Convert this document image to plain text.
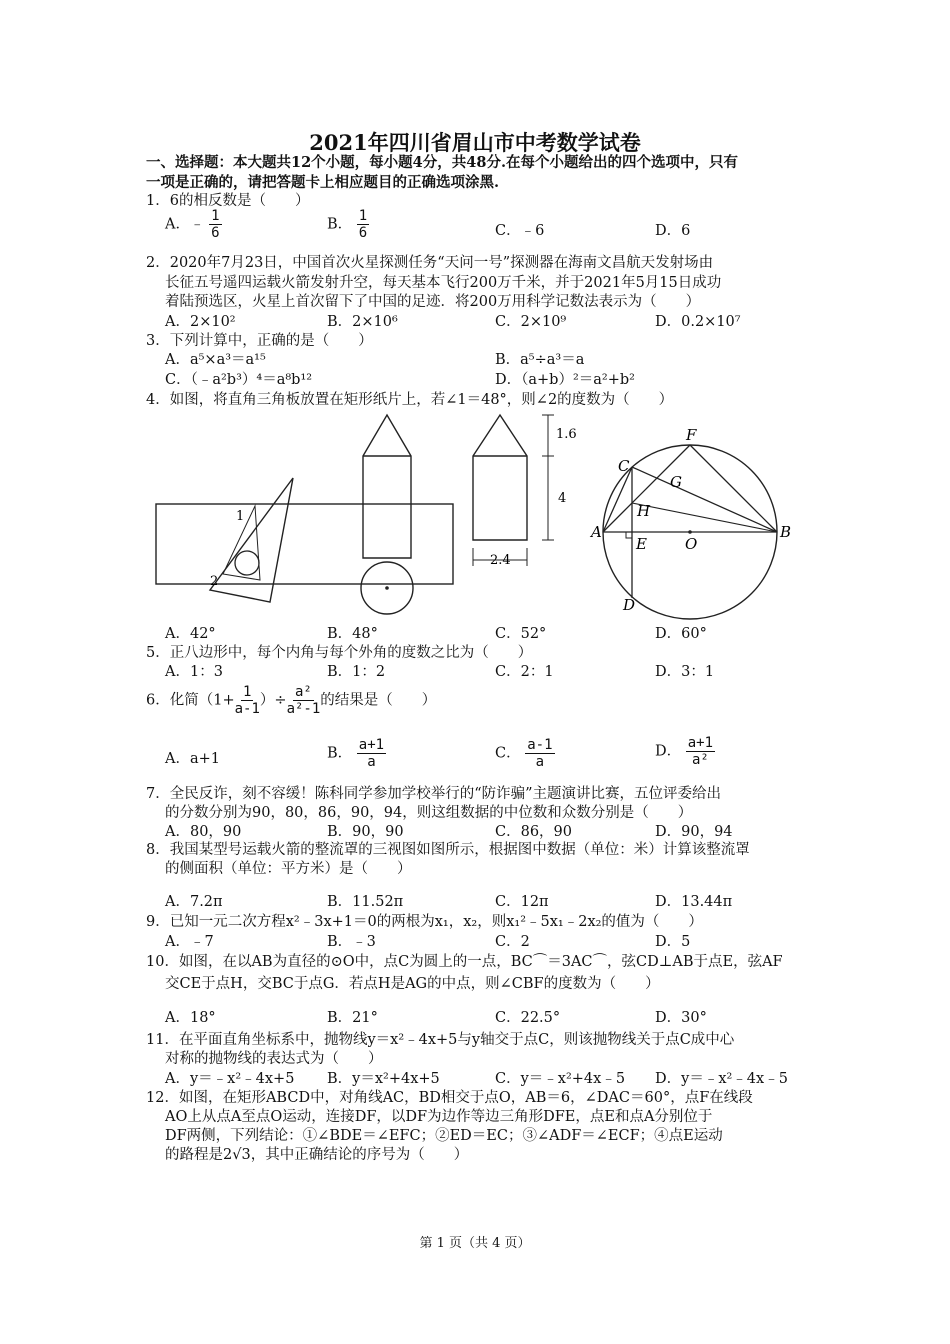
2021年四川省眉山市中考数学试卷
一、选择题：本大题共12个小题，每小题4分，共48分.在每个小题给出的四个选项中，只有
一项是正确的，请把答题卡上相应题目的正确选项涂黑.
1．6的相反数是（　　）
A．﹣ $\frac{1}{6}$	B． $\frac{1}{6}$	C．﹣6	D．6
2．2020年7月23日，中国首次火星探测任务“天问一号”探测器在海南文昌航天发射场由
长征五号遥四运载火箭发射升空，每天基本飞行200万千米，并于2021年5月15日成功
着陆预选区，火星上首次留下了中国的足迹．将200万用科学记数法表示为（　　）
A．2×10²	B．2×10⁶	C．2×10⁹	D．0.2×10⁷
3．下列计算中，正确的是（　　）
A．a⁵×a³＝a¹⁵	B．a⁵÷a³＝a
C．（﹣a²b³）⁴＝a⁸b¹²	D．（a+b）²＝a²+b²
4．如图，将直角三角板放置在矩形纸片上，若∠1＝48°，则∠2的度数为（　　）
1
2
1.6
4
2.4
C
F
G
H
A
E	O
B
D
A．42°	B．48°	C．52°	D．60°
5．正八边形中，每个内角与每个外角的度数之比为（　　）
A．1：3	B．1：2	C．2：1	D．3：1
6．化简（$1+ \frac{1}{a-1}$ ）÷ $\frac{\text{a²}}{\text{a²-1}}$ 的结果是（　　）
A．a+1	B． $\frac{a+1}{a}$	C． $\frac{a-1}{a}$	D． $\frac{a+1}{\text{a²}}$
7．全民反诈，刻不容缓！陈科同学参加学校举行的“防诈骗”主题演讲比赛，五位评委给出
的分数分别为90，80，86，90，94，则这组数据的中位数和众数分别是（　　）
A．80，90	B．90，90	C．86，90	D．90，94
8．我国某型号运载火箭的整流罩的三视图如图所示，根据图中数据（单位：米）计算该整流罩
的侧面积（单位：平方米）是（　　）
A．7.2π	B．11.52π	C．12π	D．13.44π
9．已知一元二次方程x²﹣3x+1＝0的两根为x₁，x₂，则x₁²﹣5x₁﹣2x₂的值为（　　）
A．﹣7	B．﹣3	C．2	D．5
10．如图，在以AB为直径的⊙O中，点C为圆上的一点，BC⌒＝3AC⌒，弦CD⊥AB于点E，弦AF
交CE于点H，交BC于点G．若点H是AG的中点，则∠CBF的度数为（　　）
A．18°	B．21°	C．22.5°	D．30°
11．在平面直角坐标系中，抛物线y＝x²﹣4x+5与y轴交于点C，则该抛物线关于点C成中心
对称的抛物线的表达式为（　　）
A．y＝﹣x²﹣4x+5 B．y＝x²+4x+5	C．y＝﹣x²+4x﹣5 D．y＝﹣x²﹣4x﹣5
12．如图，在矩形ABCD中，对角线AC，BD相交于点O，AB＝6，∠DAC＝60°，点F在线段
AO上从点A至点O运动，连接DF，以DF为边作等边三角形DFE，点E和点A分别位于
DF两侧，下列结论：①∠BDE＝∠EFC；②ED＝EC；③∠ADF＝∠ECF；④点E运动
的路程是2√3，其中正确结论的序号为（　　）
第 1 页（共 4 页）
